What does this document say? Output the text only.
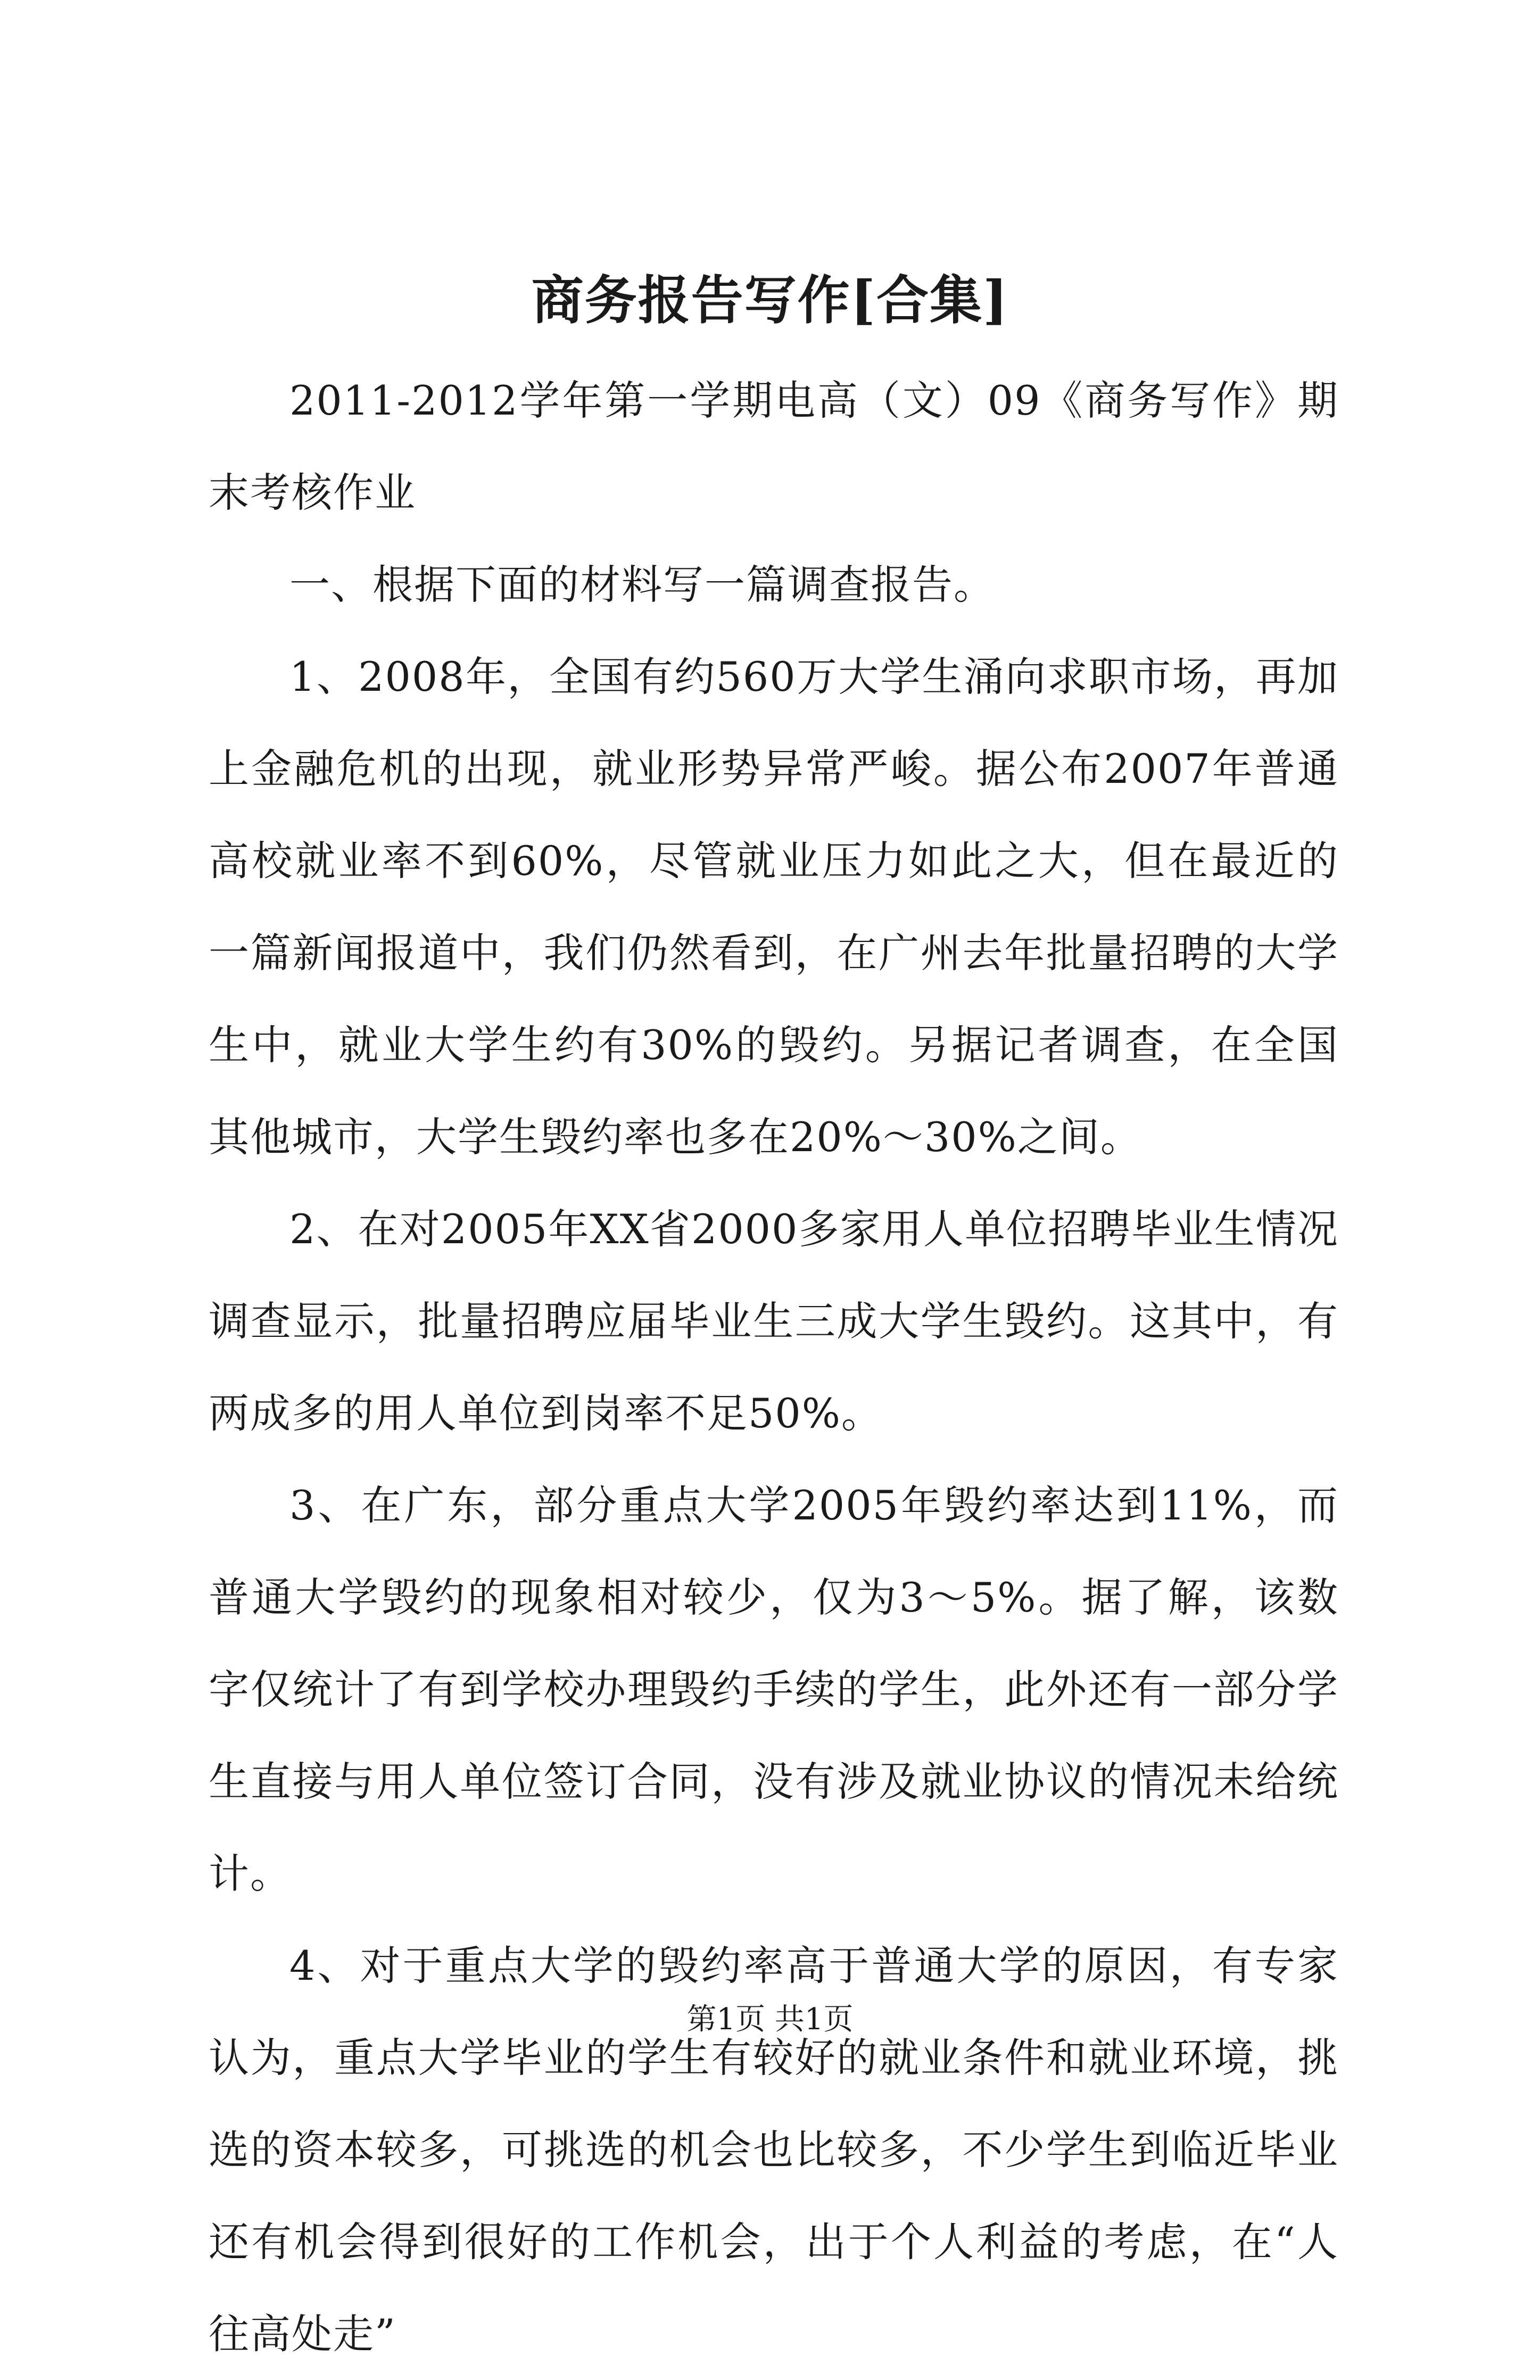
商务报告写作[合集]

2011-2012学年第一学期电高（文）09《商务写作》期末考核作业

一、根据下面的材料写一篇调查报告。

1、2008年，全国有约560万大学生涌向求职市场，再加上金融危机的出现，就业形势异常严峻。据公布2007年普通高校就业率不到60%，尽管就业压力如此之大，但在最近的一篇新闻报道中，我们仍然看到，在广州去年批量招聘的大学生中，就业大学生约有30%的毁约。另据记者调查，在全国其他城市，大学生毁约率也多在20%～30%之间。

2、在对2005年XX省2000多家用人单位招聘毕业生情况调查显示，批量招聘应届毕业生三成大学生毁约。这其中，有两成多的用人单位到岗率不足50%。

3、在广东，部分重点大学2005年毁约率达到11%，而普通大学毁约的现象相对较少，仅为3～5%。据了解，该数字仅统计了有到学校办理毁约手续的学生，此外还有一部分学生直接与用人单位签订合同，没有涉及就业协议的情况未给统计。

4、对于重点大学的毁约率高于普通大学的原因，有专家认为，重点大学毕业的学生有较好的就业条件和就业环境，挑选的资本较多，可挑选的机会也比较多，不少学生到临近毕业还有机会得到很好的工作机会，出于个人利益的考虑，在“人往高处走”

第1页 共1页
